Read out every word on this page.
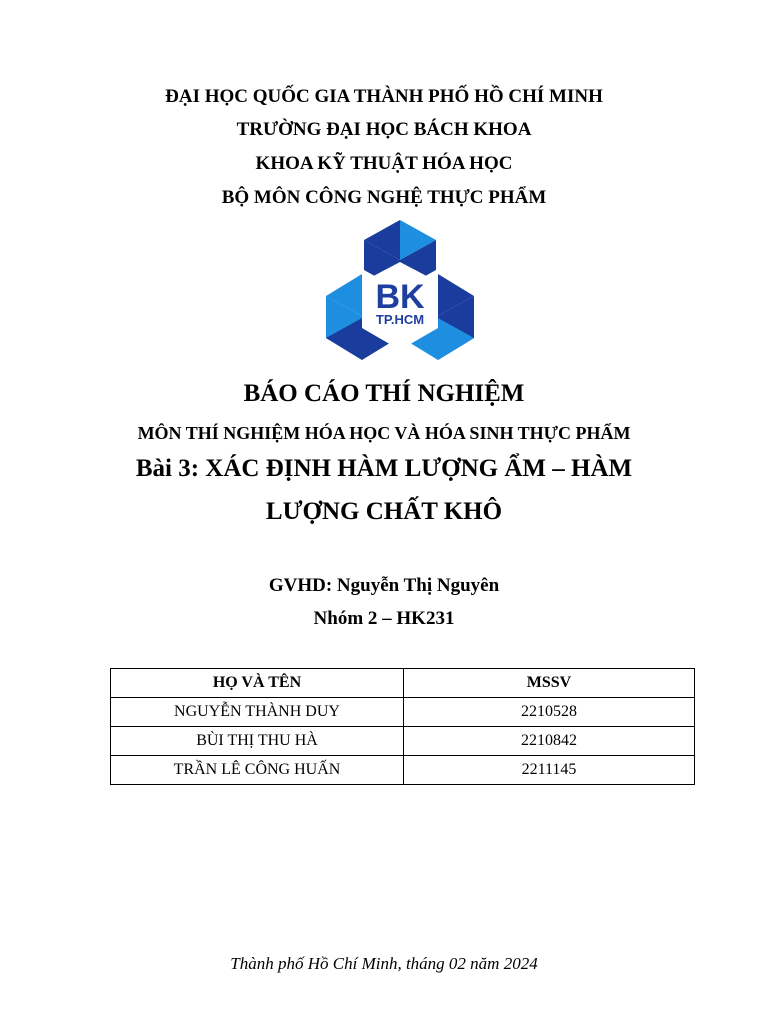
ĐẠI HỌC QUỐC GIA THÀNH PHỐ HỒ CHÍ MINH
TRƯỜNG ĐẠI HỌC BÁCH KHOA
KHOA KỸ THUẬT HÓA HỌC
BỘ MÔN CÔNG NGHỆ THỰC PHẨM
BK
TP.HCM
BÁO CÁO THÍ NGHIỆM
MÔN THÍ NGHIỆM HÓA HỌC VÀ HÓA SINH THỰC PHẨM
Bài 3: XÁC ĐỊNH HÀM LƯỢNG ẨM – HÀM
LƯỢNG CHẤT KHÔ
GVHD: Nguyễn Thị Nguyên
Nhóm 2 – HK231
HỌ VÀ TÊN	MSSV
NGUYỄN THÀNH DUY	2210528
BÙI THỊ THU HÀ	2210842
TRẦN LÊ CÔNG HUẤN	2211145
Thành phố Hồ Chí Minh, tháng 02 năm 2024
